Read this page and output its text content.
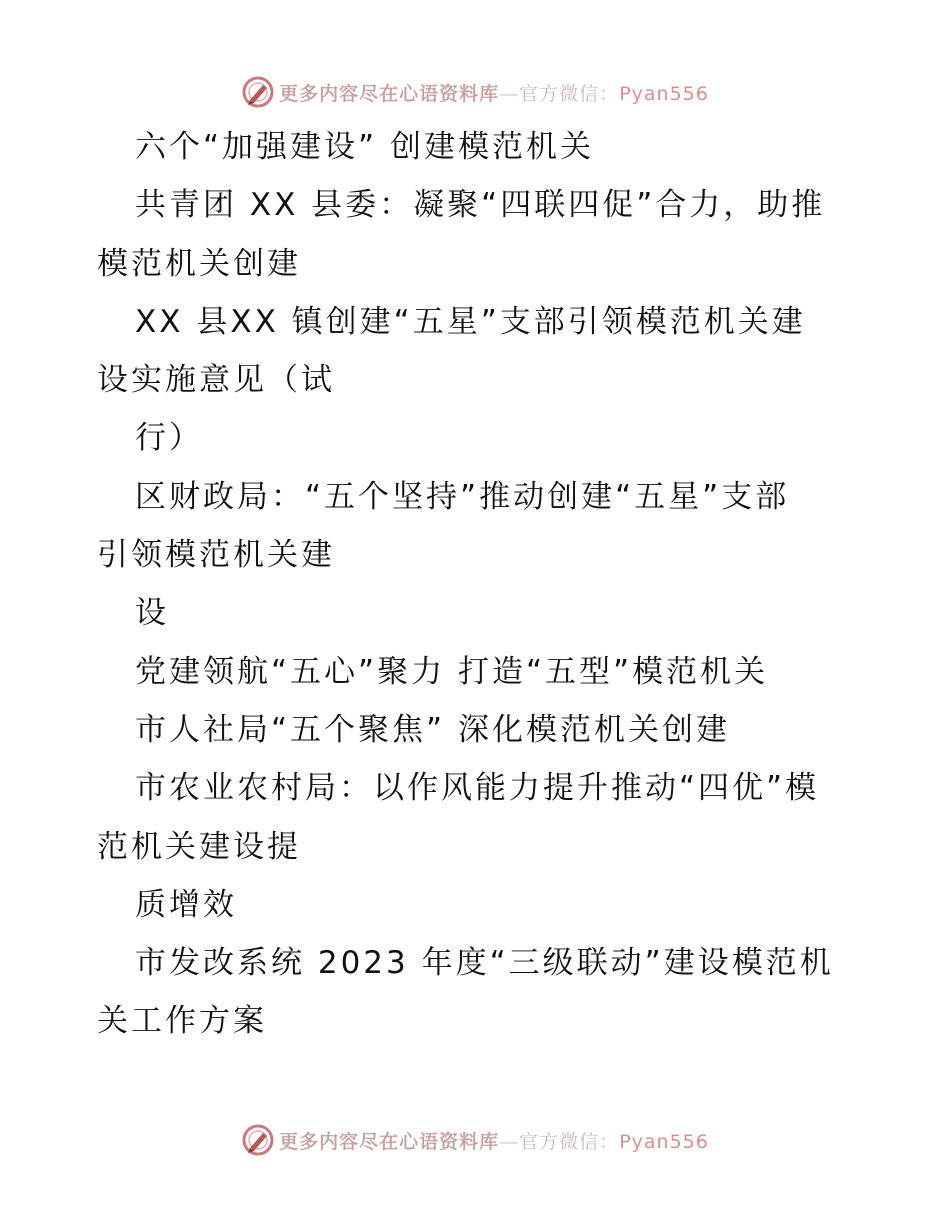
更多内容尽在心语资料库—官方微信：Pyan556

六个“加强建设” 创建模范机关

共青团 XX 县委：凝聚“四联四促”合力，助推
模范机关创建

XX 县XX 镇创建“五星”支部引领模范机关建
设实施意见（试

行）

区财政局：“五个坚持”推动创建“五星”支部
引领模范机关建

设

党建领航“五心”聚力 打造“五型”模范机关

市人社局“五个聚焦” 深化模范机关创建

市农业农村局：以作风能力提升推动“四优”模
范机关建设提

质增效

市发改系统 2023 年度“三级联动”建设模范机
关工作方案

更多内容尽在心语资料库—官方微信：Pyan556
